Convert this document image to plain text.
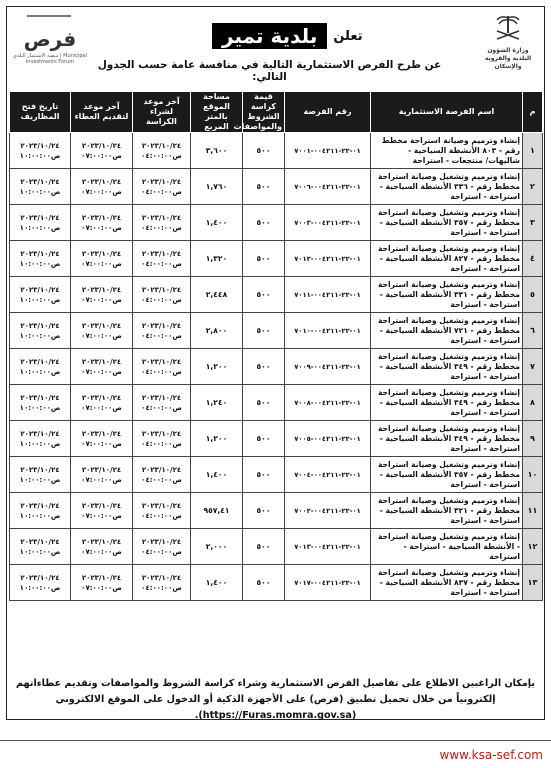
فرص
منصة الاستثمار البلدي | Municipal Investments Forum
تعلن
بلدية تمير
عن طرح الفرص الاستثمارية التالية في منافسة عامة حسب الجدول التالي:
وزارة الشؤون البلدية والقروية والإسكان
م	اسم الفرصة الاستثمارية	رقم الفرصة	قيمة كراسة الشروط والمواصفات	مساحة الموقع بالمتر المربع	آخر موعد لشراء الكراسة	آخر موعد لتقديم العطاء	تاريخ فتح المظاريف
١	إنشاء وترميم وصيانة استراحة مخطط رقم - ٨٠٣ الأنشطة السياحية - شاليهات/ منتجعات - استراحة	٠١-٢٢-٠٠٤٢١١-٧٠٠١	٥٠٠	٣,٦٠٠	٢٠٢٣/١٠/٢٤ ص٠٤:٠٠:٠٠	٢٠٢٣/١٠/٢٤ ص٠٧:٠٠:٠٠	٢٠٢٣/١٠/٢٤ ص١٠:٠٠:٠٠
٢	إنشاء وترميم وتشغيل وصيانة استراحة مخطط رقم - ٣٣٦ الأنشطة السياحية - استراحة - استراحة	٠١-٢٢-٠٠٤٢١١-٧٠٠٦	٥٠٠	١,٧٦٠	٢٠٢٣/١٠/٢٤ ص٠٤:٠٠:٠٠	٢٠٢٣/١٠/٢٤ ص٠٧:٠٠:٠٠	٢٠٢٣/١٠/٢٤ ص١٠:٠٠:٠٠
٣	إنشاء وترميم وتشغيل وصيانة استراحة مخطط رقم - ٣٥٧ الأنشطة السياحية - استراحة - استراحة	٠١-٢٢-٠٠٤٢١١-٧٠٠٣	٥٠٠	١,٤٠٠	٢٠٢٣/١٠/٢٤ ص٠٤:٠٠:٠٠	٢٠٢٣/١٠/٢٤ ص٠٧:٠٠:٠٠	٢٠٢٣/١٠/٢٤ ص١٠:٠٠:٠٠
٤	إنشاء وترميم وتشغيل وصيانة استراحة مخطط رقم - ٨٢٧ الأنشطة السياحية - استراحة - استراحة	٠١-٢٢-٠٠٤٢١١-٧٠١٢	٥٠٠	١,٣٢٠	٢٠٢٣/١٠/٢٤ ص٠٤:٠٠:٠٠	٢٠٢٣/١٠/٢٤ ص٠٧:٠٠:٠٠	٢٠٢٣/١٠/٢٤ ص١٠:٠٠:٠٠
٥	إنشاء وترميم وتشغيل وصيانة استراحة مخطط رقم - ٣٣١ الأنشطة السياحية - استراحة - استراحة	٠١-٢٢-٠٠٤٢١١-٧٠١١	٥٠٠	٢,٤٤٨	٢٠٢٣/١٠/٢٤ ص٠٤:٠٠:٠٠	٢٠٢٣/١٠/٢٤ ص٠٧:٠٠:٠٠	٢٠٢٣/١٠/٢٤ ص١٠:٠٠:٠٠
٦	إنشاء وترميم وتشغيل وصيانة استراحة مخطط رقم - ٧٢١ الأنشطة السياحية - استراحة - استراحة	٠١-٢٢-٠٠٤٢١١-٧٠١٠	٥٠٠	٢,٨٠٠	٢٠٢٣/١٠/٢٤ ص٠٤:٠٠:٠٠	٢٠٢٣/١٠/٢٤ ص٠٧:٠٠:٠٠	٢٠٢٣/١٠/٢٤ ص١٠:٠٠:٠٠
٧	إنشاء وترميم وتشغيل وصيانة استراحة مخطط رقم - ٣٤٩ الأنشطة السياحية - استراحة - استراحة	٠١-٢٢-٠٠٤٢١١-٧٠٠٩	٥٠٠	١,٢٠٠	٢٠٢٣/١٠/٢٤ ص٠٤:٠٠:٠٠	٢٠٢٣/١٠/٢٤ ص٠٧:٠٠:٠٠	٢٠٢٣/١٠/٢٤ ص١٠:٠٠:٠٠
٨	إنشاء وترميم وتشغيل وصيانة استراحة مخطط رقم - ٣٤٩ الأنشطة السياحية - استراحة - استراحة	٠١-٢٢-٠٠٤٢١١-٧٠٠٨	٥٠٠	١,٢٤٠	٢٠٢٣/١٠/٢٤ ص٠٤:٠٠:٠٠	٢٠٢٣/١٠/٢٤ ص٠٧:٠٠:٠٠	٢٠٢٣/١٠/٢٤ ص١٠:٠٠:٠٠
٩	إنشاء وترميم وتشغيل وصيانة استراحة مخطط رقم - ٣٤٩ الأنشطة السياحية - استراحة - استراحة	٠١-٢٢-٠٠٤٢١١-٧٠٠٥	٥٠٠	١,٢٠٠	٢٠٢٣/١٠/٢٤ ص٠٤:٠٠:٠٠	٢٠٢٣/١٠/٢٤ ص٠٧:٠٠:٠٠	٢٠٢٣/١٠/٢٤ ص١٠:٠٠:٠٠
١٠	إنشاء وترميم وتشغيل وصيانة استراحة مخطط رقم - ٣٥٧ الأنشطة السياحية - استراحة - استراحة	٠١-٢٢-٠٠٤٢١١-٧٠٠٤	٥٠٠	١,٤٠٠	٢٠٢٣/١٠/٢٤ ص٠٤:٠٠:٠٠	٢٠٢٣/١٠/٢٤ ص٠٧:٠٠:٠٠	٢٠٢٣/١٠/٢٤ ص١٠:٠٠:٠٠
١١	إنشاء وترميم وتشغيل وصيانة استراحة مخطط رقم - ٣٢١ الأنشطة السياحية - استراحة - استراحة	٠١-٢٢-٠٠٤٢١١-٧٠٠٢	٥٠٠	٩٥٧,٤١	٢٠٢٣/١٠/٢٤ ص٠٤:٠٠:٠٠	٢٠٢٣/١٠/٢٤ ص٠٧:٠٠:٠٠	٢٠٢٣/١٠/٢٤ ص١٠:٠٠:٠٠
١٢	إنشاء وترميم وتشغيل وصيانة استراحة - الأنشطة السياحية - استراحة - استراحة	٠١-٢٢-٠٠٤٢١١-٧٠١٣	٥٠٠	٢,٠٠٠	٢٠٢٣/١٠/٢٤ ص٠٤:٠٠:٠٠	٢٠٢٣/١٠/٢٤ ص٠٧:٠٠:٠٠	٢٠٢٣/١٠/٢٤ ص١٠:٠٠:٠٠
١٣	إنشاء وترميم وتشغيل وصيانة استراحة مخطط رقم - ٨٣٧ الأنشطة السياحية - استراحة - استراحة	٠١-٢٢-٠٠٤٢١١-٧٠١٧	٥٠٠	١,٤٠٠	٢٠٢٣/١٠/٢٤ ص٠٤:٠٠:٠٠	٢٠٢٣/١٠/٢٤ ص٠٧:٠٠:٠٠	٢٠٢٣/١٠/٢٤ ص١٠:٠٠:٠٠
يإمكان الراغبين الاطلاع على تفاصيل الفرص الاستثمارية وشراء كراسة الشروط والمواصفات وتقديم عطاءاتهم إلكترونياً من خلال تحميل تطبيق (فرص) على الأجهزة الذكية أو الدخول على الموقع الالكتروني (https://Furas.momra.gov.sa).
www.ksa-sef.com
